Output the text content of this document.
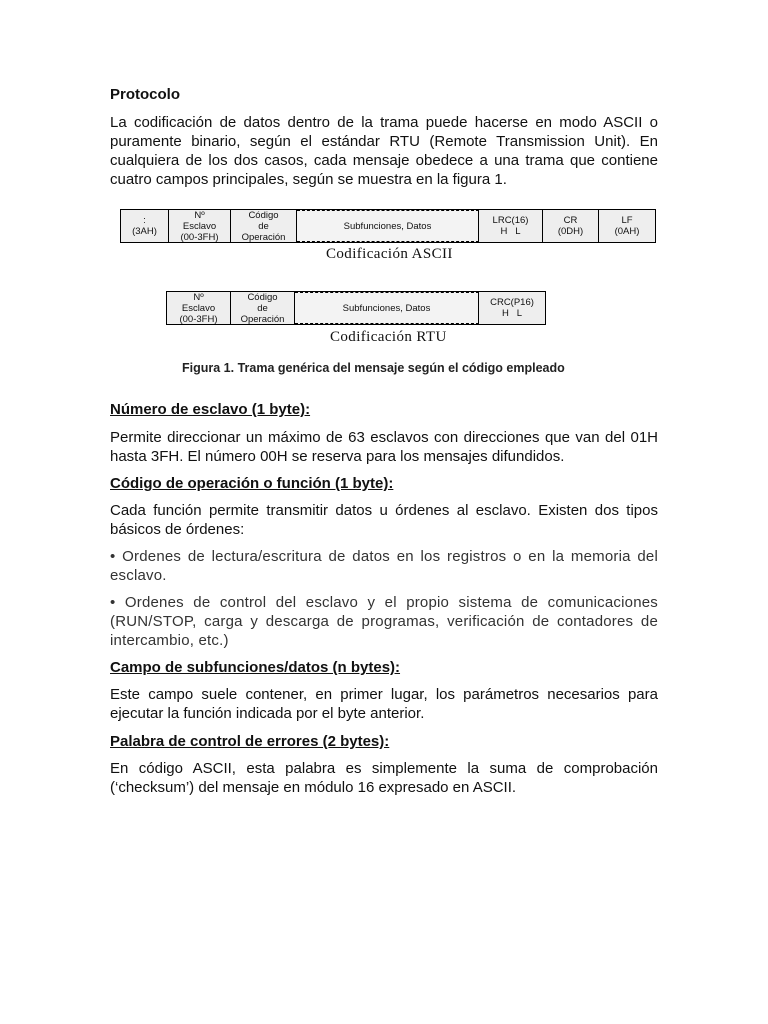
Protocolo

La codificación de datos dentro de la trama puede hacerse en modo ASCII o puramente binario, según el estándar RTU (Remote Transmission Unit). En cualquiera de los dos casos, cada mensaje obedece a una trama que contiene cuatro campos principales, según se muestra en la figura 1.

:
(3AH)
Nº
Esclavo
(00-3FH)
Código
de
Operación
Subfunciones, Datos	LRC(16)
H   L
CR
(0DH)
LF
(0AH)
Codificación ASCII
Nº
Esclavo
(00-3FH)
Código
de
Operación
Subfunciones, Datos	CRC(P16)
H   L
Codificación RTU
Figura 1. Trama genérica del mensaje según el código empleado

Número de esclavo (1 byte):

Permite direccionar un máximo de 63 esclavos con direcciones que van del 01H hasta 3FH. El número 00H se reserva para los mensajes difundidos.

Código de operación o función (1 byte):

Cada función permite transmitir datos u órdenes al esclavo. Existen dos tipos básicos de órdenes:

• Ordenes de lectura/escritura de datos en los registros o en la memoria del esclavo.

• Ordenes de control del esclavo y el propio sistema de comunicaciones (RUN/STOP, carga y descarga de programas, verificación de contadores de intercambio, etc.)

Campo de subfunciones/datos (n bytes):

Este campo suele contener, en primer lugar, los parámetros necesarios para ejecutar la función indicada por el byte anterior.

Palabra de control de errores (2 bytes):

En código ASCII, esta palabra es simplemente la suma de comprobación (‘checksum’) del mensaje en módulo 16 expresado en ASCII.
